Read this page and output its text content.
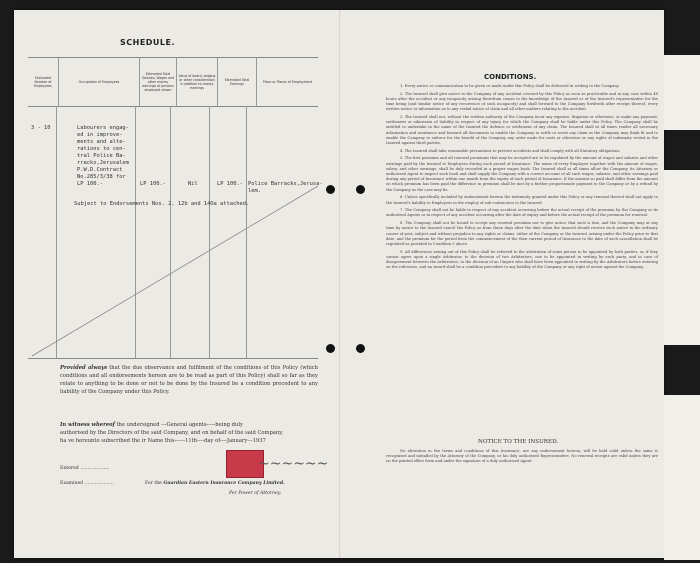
SCHEDULE.
Estimated Number of Employees	Occupation of Employees	Estimated Total Salaries, Wages and other money earnings of persons employed shown	Value of board, lodging or other consideration in addition to money earnings	Estimated Total Earnings	Place or Places of Employment
3 - 10	Labourers engag-
ed in improve-
ments and alte-
rations to cen-
tral Police Ba-
rracks,Jerusalem
P.W.D.Contract
No.285/3/38 for
LP 100.-	LP 100.-	Nil	LP 100.- Police Barracks,Jerusa-
lem.
Subject to Endorsements Nos. 2, 12b and 14Oa attached.
Provided always that the due observance and fulfilment of the conditions of this Policy (which conditions and all endorsements hereon are to be read as part of this Policy) shall so far as they relate to anything to be done or not to be done by the Insured be a condition precedent to any liability of the Company under this Policy.
In witness whereof the undersigned ---General agents-----being duly
authorised by the Directors of the said Company, and on behalf of the said Company,
ha ve hereunto subscribed the ir Name this------11th----day of----January---1937
Entered ....................
Examined ....................
~~~~~~
For the Guardian Eastern Insurance Company Limited.
Per Power of Attorney.
CONDITIONS.

1. Every notice or communication to be given or made under this Policy shall be delivered in writing to the Company.

2. The Insured shall give notice to the Company of any accident covered by this Policy as soon as practicable and in any case within 48 hours after the accident or any incapacity arising therefrom comes to the knowledge of the Insured or of the Insured's representative for the time being (and similar notice of any recurrence of such incapacity) and shall forward to the Company forthwith after receipt thereof, every written notice or information as to any verbal notice of claim and all other matters relating to the accident.

3. The Insured shall not, without the written authority of the Company incur any expense, litigation or otherwise, or make any payment, settlement or admission of liability in respect of any injury for which the Company shall be liable under this Policy. The Company shall be entitled to undertake in the name of the Insured the defence or settlement of any claim. The Insured shall at all times render all necessary information and assistance and forward all documents to enable the Company to settle or resist any claim as the Company may think fit and to enable the Company to enforce for the benefit of the Company any order made for costs or otherwise or any rights of indemnity vested in the Insured against third parties.

4. The Insured shall take reasonable precautions to prevent accidents and shall comply with all Statutory obligations.

5. The first premium and all renewal premiums that may be accepted are to be regulated by the amount of wages and salaries and other earnings paid by the Insured to Employees during each period of Insurance. The name of every Employee together with the amount of wages, salary, and other earnings, shall be duly recorded in a proper wages book. The Insured shall at all times allow the Company, its Attorney or authorised Agent to inspect such book and shall supply the Company with a correct account of all such wages, salaries, and other earnings paid during any period of Insurance within one month from the expiry of each period of Insurance. If the amount so paid shall differ from the amount on which premium has been paid the difference in premium shall be met by a further proportionate payment to the Company or by a refund by the Company as the case may be.

6. Unless specifically included by endorsement hereon the indemnity granted under this Policy or any renewal thereof shall not apply to the Insured's liability to Employees in the employ of sub-contractors to the Insured.

7. The Company shall not be liable in respect of any accident occurring before the actual receipt of the premium by the Company or its authorised Agents or in respect of any accident occurring after the date of expiry and before the actual receipt of the premium for renewal.

8. The Company shall not be bound to accept any renewal premium nor to give notice that such is due, and the Company may at any time by notice to the Insured cancel the Policy as from three days after the date when the Insured should receive such notice in the ordinary course of post, subject and without prejudice to any rights or claims, either of the Company or the Insured, arising under the Policy prior to that date, and the premium for the period from the commencement of the then current period of Insurance to the date of such cancellation shall be regulated as provided in Condition 5 above.

9. All differences arising out of this Policy shall be referred to the arbitration of some person to be appointed by both parties, or, if they cannot agree upon a single Arbitrator, to the decision of two Arbitrators, one to be appointed in writing by each party, and in case of disagreement between the Arbitrators, to the decision of an Umpire who shall have been appointed in writing by the Arbitrators before entering on the reference, and an Award shall be a condition precedent to any liability of the Company or any right of action against the Company.

NOTICE TO THE INSURED.

No alteration in the terms and conditions of this Insurance, nor any endorsement hereon, will be held valid unless the same is recognised and initialled by the Attorney of the Company, or his duly authorised Representative. No renewal receipts are valid unless they are on the printed office form and under the signature of a duly authorised Agent.
